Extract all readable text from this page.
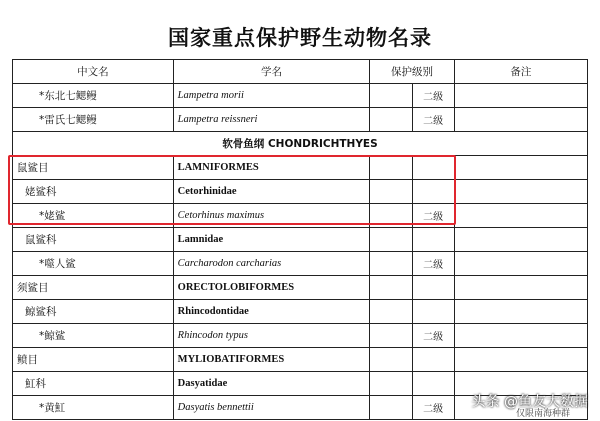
国家重点保护野生动物名录
中文名	学名	保护级别		备注
*东北七鳃鳗	Lampetra morii		二级	
*雷氏七鳃鳗	Lampetra reissneri		二级	
软骨鱼纲 CHONDRICHTHYES				
鼠鲨目	LAMNIFORMES			
姥鲨科	Cetorhinidae			
*姥鲨	Cetorhinus maximus		二级	
鼠鲨科	Lamnidae			
*噬人鲨	Carcharodon carcharias		二级	
须鲨目	ORECTOLOBIFORMES			
鲸鲨科	Rhincodontidae			
*鲸鲨	Rhincodon typus		二级	
鲼目	MYLIOBATIFORMES			
魟科	Dasyatidae			
*黄魟	Dasyatis bennettii		二级		仅限南海种群
头条 @鱼友大数据
